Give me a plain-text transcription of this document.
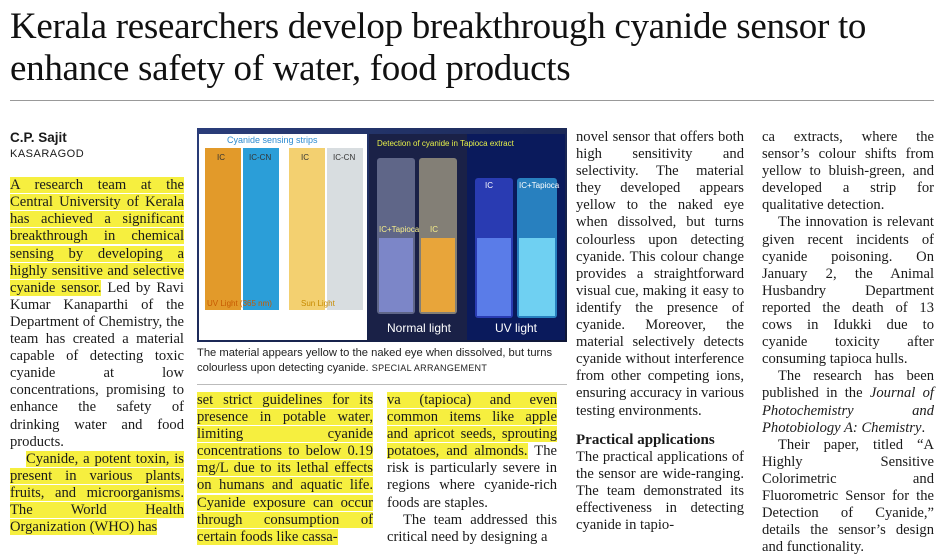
Kerala researchers develop breakthrough cyanide sensor to enhance safety of water, food products
C.P. Sajit
KASARAGOD

A research team at the Central University of Kerala has achieved a significant breakthrough in chemical sensing by developing a highly sensitive and selective cyanide sensor. Led by Ravi Kumar Kanaparthi of the Department of Chemistry, the team has created a material capable of detecting toxic cyanide at low concentrations, promising to enhance the safety of drinking water and food products.

Cyanide, a potent toxin, is present in various plants, fruits, and microorganisms. The World Health Organization (WHO) has

Cyanide sensing strips
IC	IC-CN	IC	IC-CN
UV Light (365 nm)	Sun Light
Detection of cyanide in Tapioca extract
IC+Tapioca IC
IC	IC+Tapioca
Normal light	UV light
The material appears yellow to the naked eye when dissolved, but turns colourless upon detecting cyanide. SPECIAL ARRANGEMENT

set strict guidelines for its presence in potable water, limiting cyanide concentrations to below 0.19 mg/L due to its lethal effects on humans and aquatic life. Cyanide exposure can occur through consumption of certain foods like cassa-

va (tapioca) and even common items like apple and apricot seeds, sprouting potatoes, and almonds. The risk is particularly severe in regions where cyanide-rich foods are staples.

The team addressed this critical need by designing a

novel sensor that offers both high sensitivity and selectivity. The material they developed appears yellow to the naked eye when dissolved, but turns colourless upon detecting cyanide. This colour change provides a straightforward visual cue, making it easy to identify the presence of cyanide. Moreover, the material selectively detects cyanide without interference from other competing ions, ensuring accuracy in various testing environments.

Practical applications

The practical applications of the sensor are wide-ranging. The team demonstrated its effectiveness in detecting cyanide in tapio-

ca extracts, where the sensor’s colour shifts from yellow to bluish-green, and developed a strip for qualitative detection.

The innovation is relevant given recent incidents of cyanide poisoning. On January 2, the Animal Husbandry Department reported the death of 13 cows in Idukki due to cyanide toxicity after consuming tapioca hulls.

The research has been published in the Journal of Photochemistry and Photobiology A: Chemistry.

Their paper, titled “A Highly Sensitive Colorimetric and Fluorometric Sensor for the Detection of Cyanide,” details the sensor’s design and functionality.
